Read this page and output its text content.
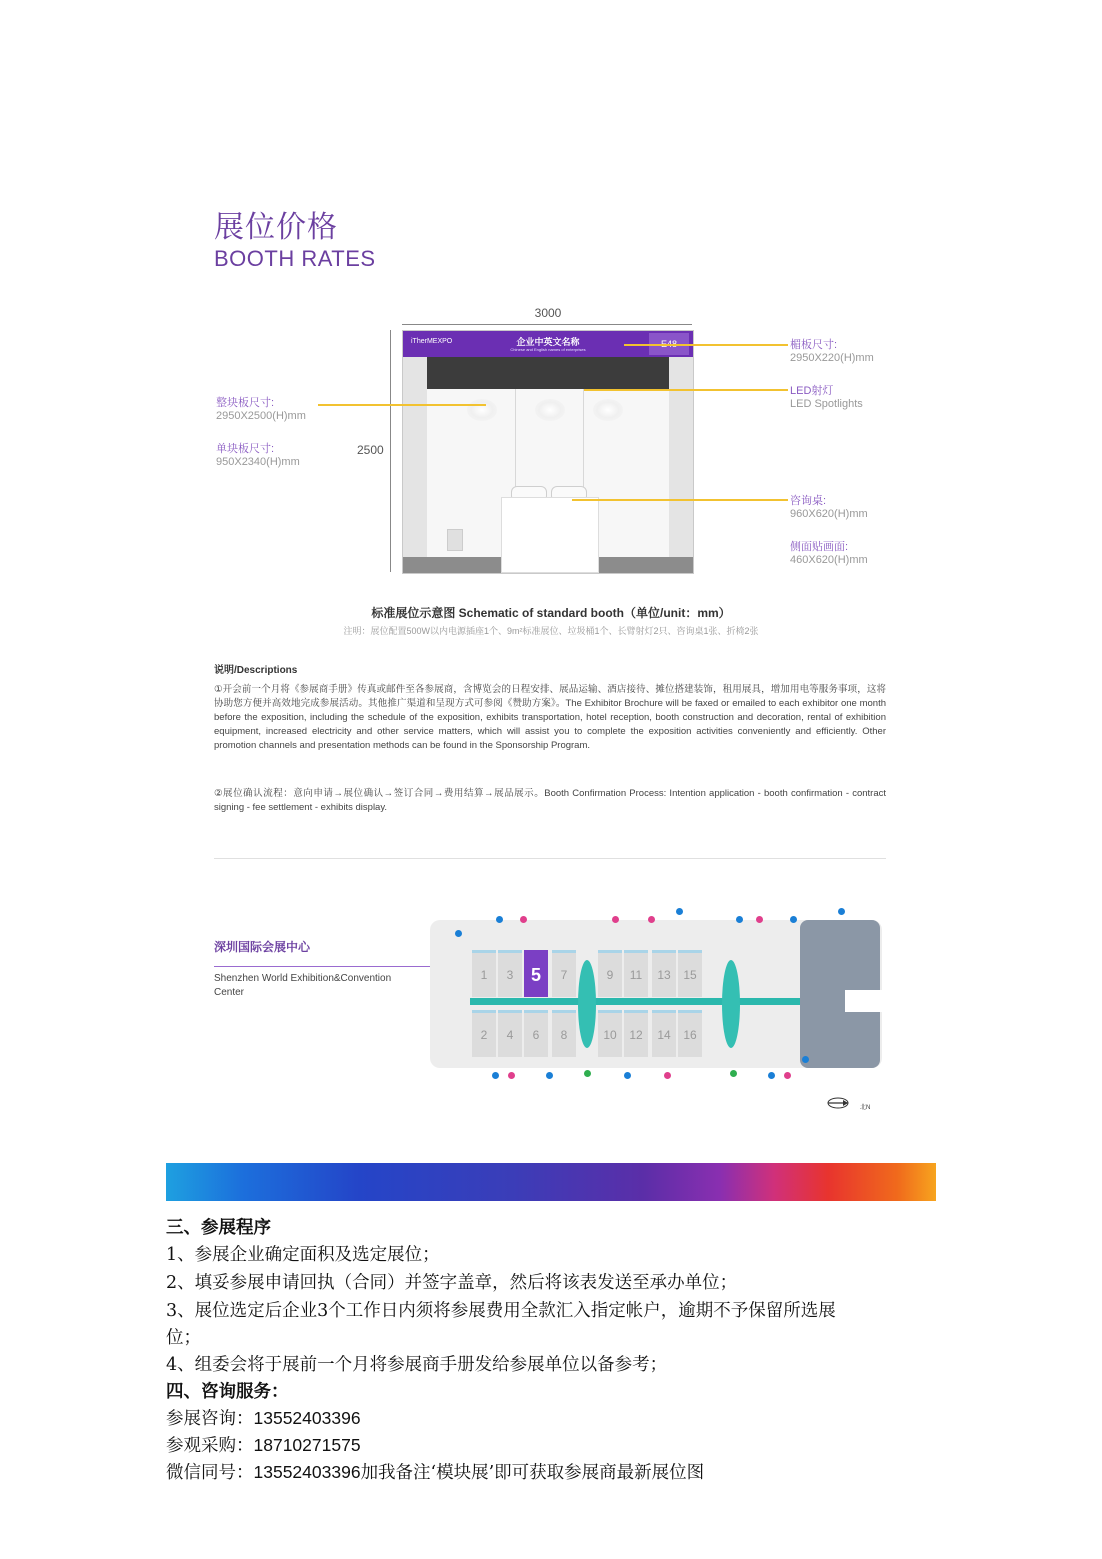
展位价格
BOOTH RATES
3000
2500
iTherMEXPO	企业中英文名称
Chinese and English names of enterprises	楣板尺寸:
2950X220(H)mm
LED射灯
LED Spotlights
咨询桌:
960X620(H)mm
侧面贴画面:
460X620(H)mm
整块板尺寸:
2950X2500(H)mm
单块板尺寸:
950X2340(H)mm
标准展位示意图 Schematic of standard booth（单位/unit：mm）
注明：展位配置500W以内电源插座1个、9m²标准展位、垃圾桶1个、长臂射灯2只、咨询桌1张、折椅2张
说明/Descriptions
①开会前一个月将《参展商手册》传真或邮件至各参展商，含博览会的日程安排、展品运输、酒店接待、摊位搭建装饰，租用展具，增加用电等服务事项，这将协助您方便并高效地完成参展活动。其他推广渠道和呈现方式可参阅《赞助方案》。The Exhibitor Brochure will be faxed or emailed to each exhibitor one month before the exposition, including the schedule of the exposition, exhibits transportation, hotel reception, booth construction and decoration, rental of exhibition equipment, increased electricity and other service matters, which will assist you to complete the exposition activities conveniently and efficiently. Other promotion channels and presentation methods can be found in the Sponsorship Program.
②展位确认流程：意向申请→展位确认→签订合同→费用结算→展品展示。Booth Confirmation Process: Intention application - booth confirmation - contract signing - fee settlement - exhibits display.
深圳国际会展中心
Shenzhen World Exhibition&Convention Center
1	3 5	7	9	11	13	15
2	4	6	8	10	12	14	16
北N
三、参展程序
1、参展企业确定面积及选定展位；
2、填妥参展申请回执（合同）并签字盖章，然后将该表发送至承办单位；
3、展位选定后企业3个工作日内须将参展费用全款汇入指定帐户，逾期不予保留所选展
位；
4、组委会将于展前一个月将参展商手册发给参展单位以备参考；
四、咨询服务：
参展咨询：13552403396
参观采购：18710271575
微信同号：13552403396加我备注‘模块展’即可获取参展商最新展位图
